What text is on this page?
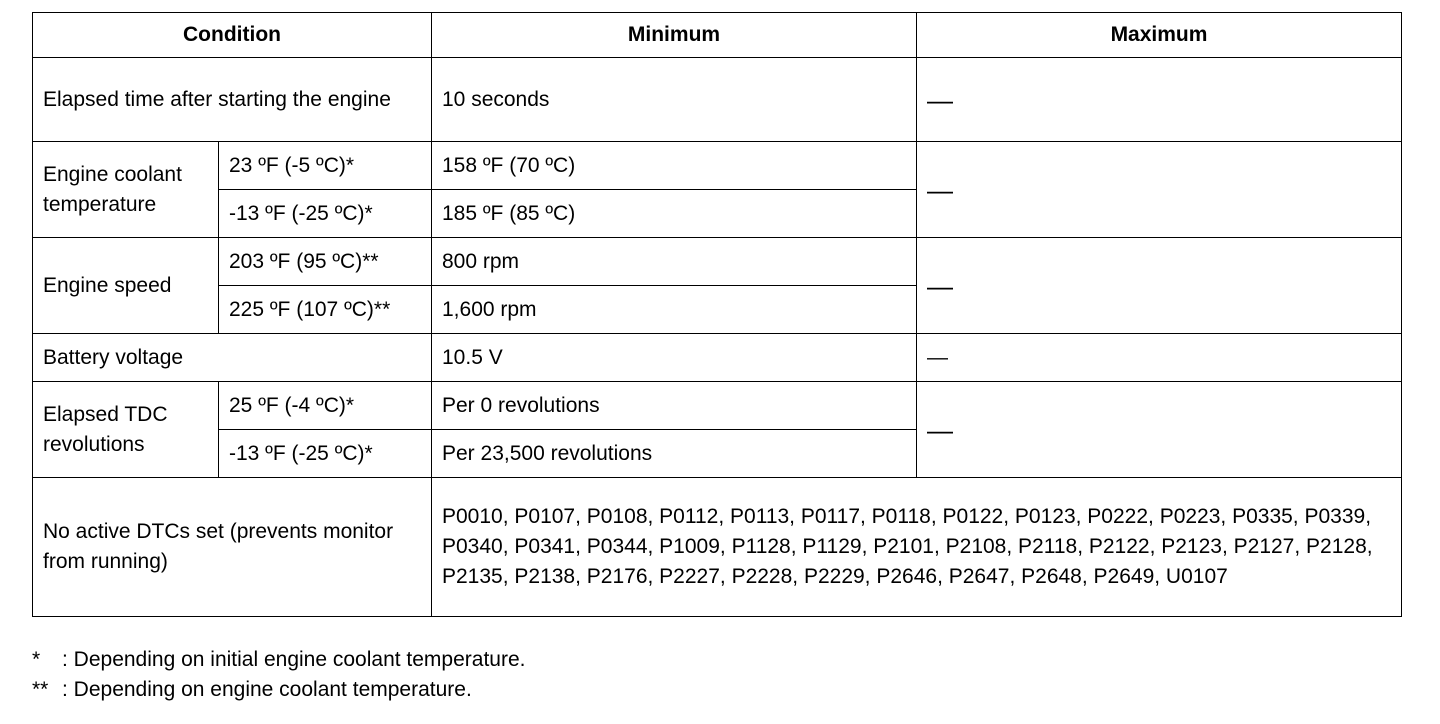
Condition		Minimum	Maximum
Elapsed time after starting the engine		10 seconds	—
Engine coolant temperature	23 ºF (-5 ºC)*	158 ºF (70 ºC)	—
	-13 ºF (-25 ºC)*	185 ºF (85 ºC)	
Engine speed	203 ºF (95 ºC)**	800 rpm	—
	225 ºF (107 ºC)**	1,600 rpm	
Battery voltage		10.5 V	—
Elapsed TDC revolutions	25 ºF (-4 ºC)*	Per 0 revolutions	—
	-13 ºF (-25 ºC)*	Per 23,500 revolutions	
No active DTCs set (prevents monitor from running)		P0010, P0107, P0108, P0112, P0113, P0117, P0118, P0122, P0123, P0222, P0223, P0335, P0339, P0340, P0341, P0344, P1009, P1128, P1129, P2101, P2108, P2118, P2122, P2123, P2127, P2128, P2135, P2138, P2176, P2227, P2228, P2229, P2646, P2647, P2648, P2649, U0107	
* : Depending on initial engine coolant temperature.
** : Depending on engine coolant temperature.
